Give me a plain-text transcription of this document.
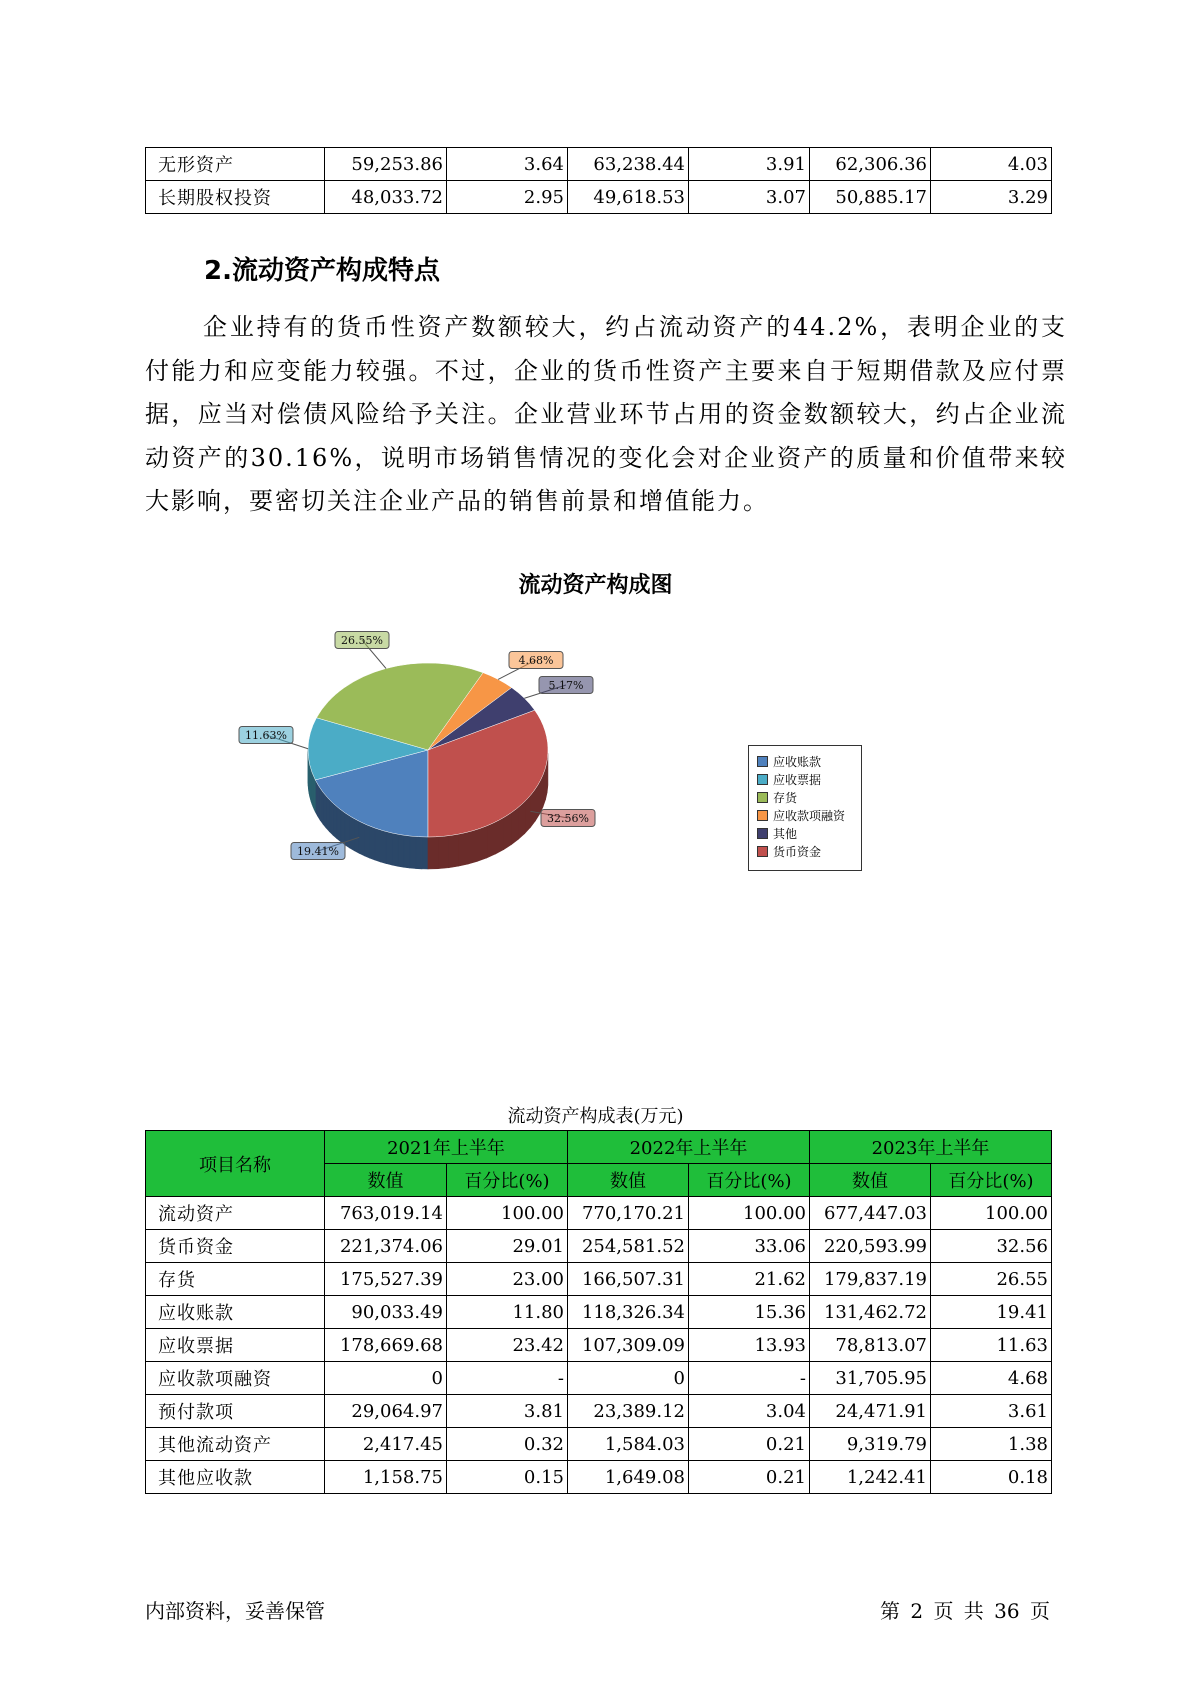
无形资产	59,253.86	3.64	63,238.44	3.91	62,306.36	4.03
长期股权投资	48,033.72	2.95	49,618.53	3.07	50,885.17	3.29
2.流动资产构成特点

企业持有的货币性资产数额较大，约占流动资产的44.2%，表明企业的支付能力和应变能力较强。不过，企业的货币性资产主要来自于短期借款及应付票据，应当对偿债风险给予关注。企业营业环节占用的资金数额较大，约占企业流动资产的30.16%，说明市场销售情况的变化会对企业资产的质量和价值带来较大影响，要密切关注企业产品的销售前景和增值能力。

流动资产构成图
19.41%
11.63%
26.55%
4.68%
5.17%
32.56%
应收账款
应收票据
存货
应收款项融资
其他
货币资金

流动资产构成表(万元)

项目名称	2021年上半年		2022年上半年		2023年上半年	
	数值	百分比(%)	数值	百分比(%)	数值	百分比(%)
流动资产	763,019.14	100.00	770,170.21	100.00	677,447.03	100.00
货币资金	221,374.06	29.01	254,581.52	33.06	220,593.99	32.56
存货	175,527.39	23.00	166,507.31	21.62	179,837.19	26.55
应收账款	90,033.49	11.80	118,326.34	15.36	131,462.72	19.41
应收票据	178,669.68	23.42	107,309.09	13.93	78,813.07	11.63
应收款项融资	0	-	0	-	31,705.95	4.68
预付款项	29,064.97	3.81	23,389.12	3.04	24,471.91	3.61
其他流动资产	2,417.45	0.32	1,584.03	0.21	9,319.79	1.38
其他应收款	1,158.75	0.15	1,649.08	0.21	1,242.41	0.18
内部资料，妥善保管	第 2 页 共 36 页
